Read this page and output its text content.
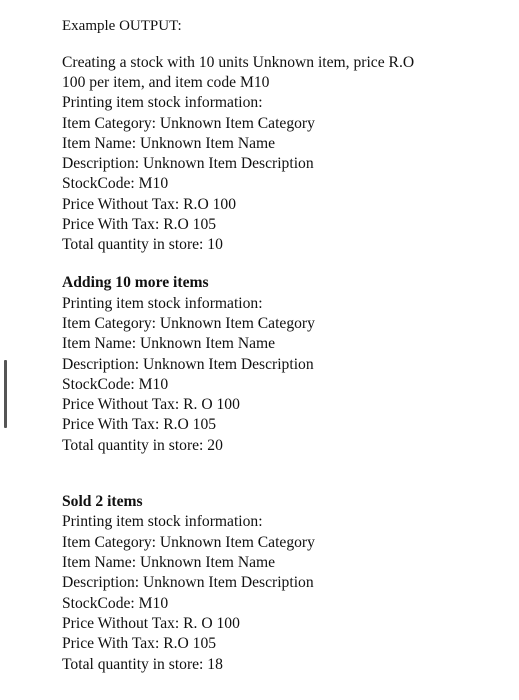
Example OUTPUT:
Creating a stock with 10 units Unknown item, price R.O
100 per item, and item code M10
Printing item stock information:
Item Category: Unknown Item Category
Item Name: Unknown Item Name
Description: Unknown Item Description
StockCode: M10
Price Without Tax: R.O 100
Price With Tax: R.O 105
Total quantity in store: 10
Adding 10 more items
Printing item stock information:
Item Category: Unknown Item Category
Item Name: Unknown Item Name
Description: Unknown Item Description
StockCode: M10
Price Without Tax: R. O 100
Price With Tax: R.O 105
Total quantity in store: 20
Sold 2 items
Printing item stock information:
Item Category: Unknown Item Category
Item Name: Unknown Item Name
Description: Unknown Item Description
StockCode: M10
Price Without Tax: R. O 100
Price With Tax: R.O 105
Total quantity in store: 18
